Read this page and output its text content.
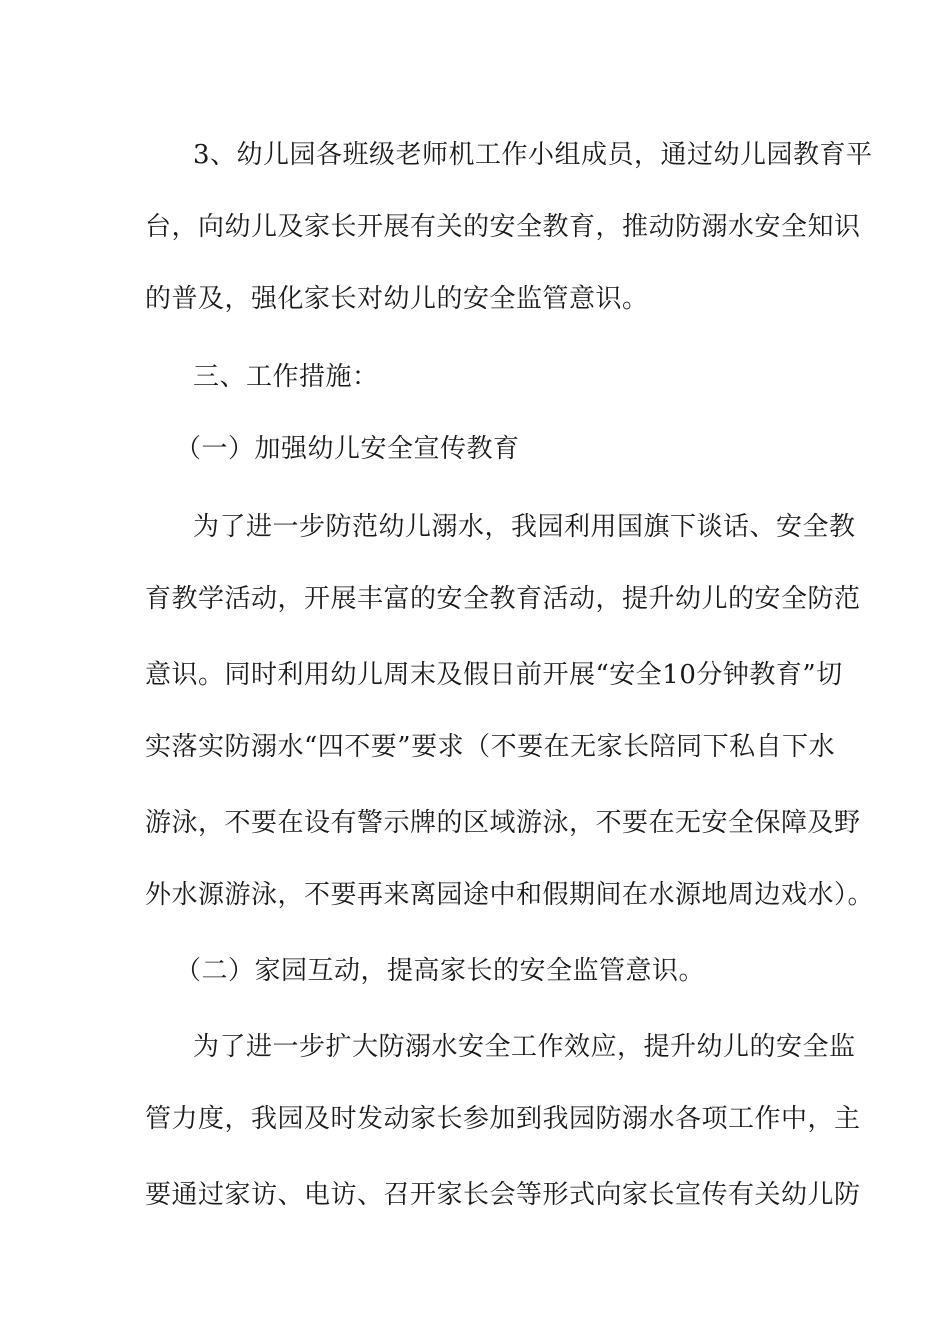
3、幼儿园各班级老师机工作小组成员，通过幼儿园教育平
台，向幼儿及家长开展有关的安全教育，推动防溺水安全知识
的普及，强化家长对幼儿的安全监管意识。
三、工作措施：
（一）加强幼儿安全宣传教育
为了进一步防范幼儿溺水，我园利用国旗下谈话、安全教
育教学活动，开展丰富的安全教育活动，提升幼儿的安全防范
意识。同时利用幼儿周末及假日前开展“安全10分钟教育”切
实落实防溺水“四不要”要求（不要在无家长陪同下私自下水
游泳，不要在设有警示牌的区域游泳，不要在无安全保障及野
外水源游泳，不要再来离园途中和假期间在水源地周边戏水）。
（二）家园互动，提高家长的安全监管意识。
为了进一步扩大防溺水安全工作效应，提升幼儿的安全监
管力度，我园及时发动家长参加到我园防溺水各项工作中，主
要通过家访、电访、召开家长会等形式向家长宣传有关幼儿防
